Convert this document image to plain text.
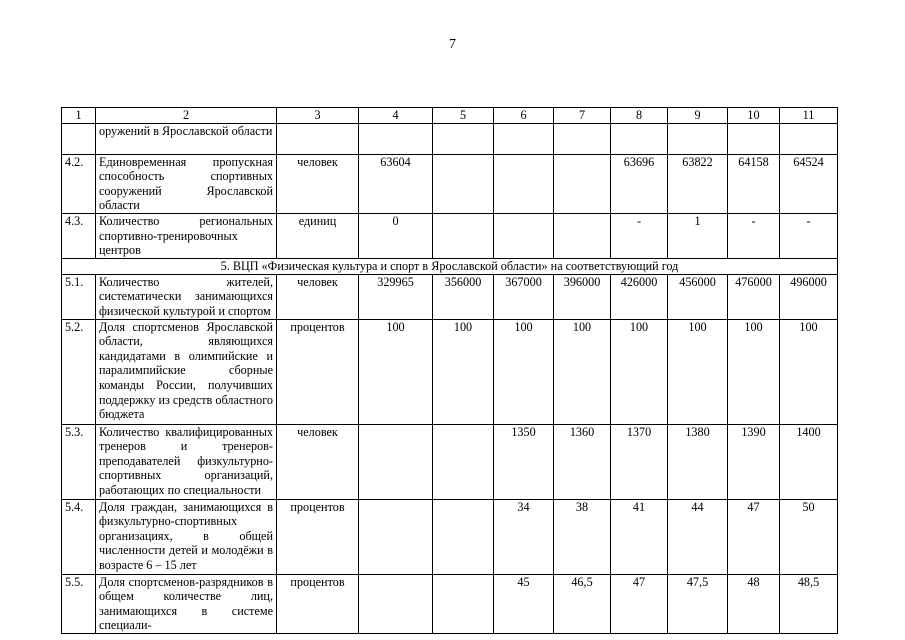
7
1	2	3	4	5	6	7	8	9	10	11
	оружений в Ярославской области									
4.2.	Единовременная пропускная способность спортивных сооружений Ярославской области	человек	63604				63696	63822	64158	64524
4.3.	Количество региональных спортивно-тренировочных центров	единиц	0				-	1	-	-
5. ВЦП «Физическая культура и спорт в Ярославской области» на соответствующий год										
5.1.	Количество жителей, систематически занимающихся физической культурой и спортом	человек	329965	356000	367000	396000	426000	456000	476000	496000
5.2.	Доля спортсменов Ярославской области, являющихся кандидатами в олимпийские и паралимпийские сборные команды России, получивших поддержку из средств областного бюджета	процентов	100	100	100	100	100	100	100	100
5.3.	Количество квалифицированных тренеров и тренеров-преподавателей физкультурно-спортивных организаций, работающих по специальности	человек			1350	1360	1370	1380	1390	1400
5.4.	Доля граждан, занимающихся в физкультурно-спортивных организациях, в общей численности детей и молодёжи в возрасте 6 – 15 лет	процентов			34	38	41	44	47	50
5.5.	Доля спортсменов-разрядников в общем количестве лиц, занимающихся в системе специали-	процентов			45	46,5	47	47,5	48	48,5
